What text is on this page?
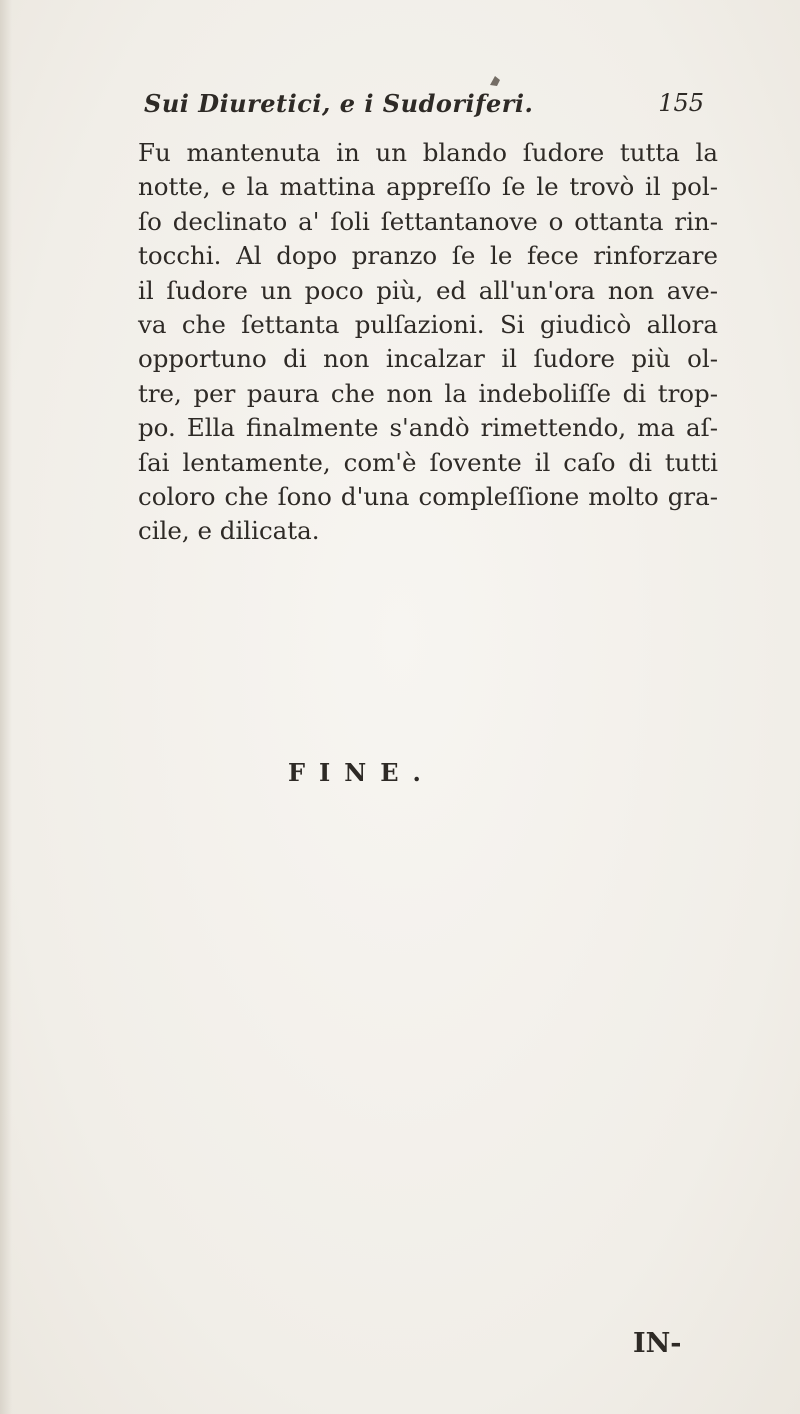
Sui Diuretici, e i Sudoriferi.	155
Fu mantenuta in un blando ſudore tutta la
notte, e la mattina appreſſo ſe le trovò il pol-
ſo declinato a' ſoli ſettantanove o ottanta rin-
tocchi. Al dopo pranzo ſe le fece rinforzare
il ſudore un poco più, ed all'un'ora non ave-
va che ſettanta pulſazioni. Si giudicò allora
opportuno di non incalzar il ſudore più ol-
tre, per paura che non la indeboliſſe di trop-
po. Ella finalmente s'andò rimettendo, ma aſ-
ſai lentamente, com'è ſovente il caſo di tutti
coloro che ſono d'una compleſſione molto gra-
cile, e dilicata.
FINE.
IN-
